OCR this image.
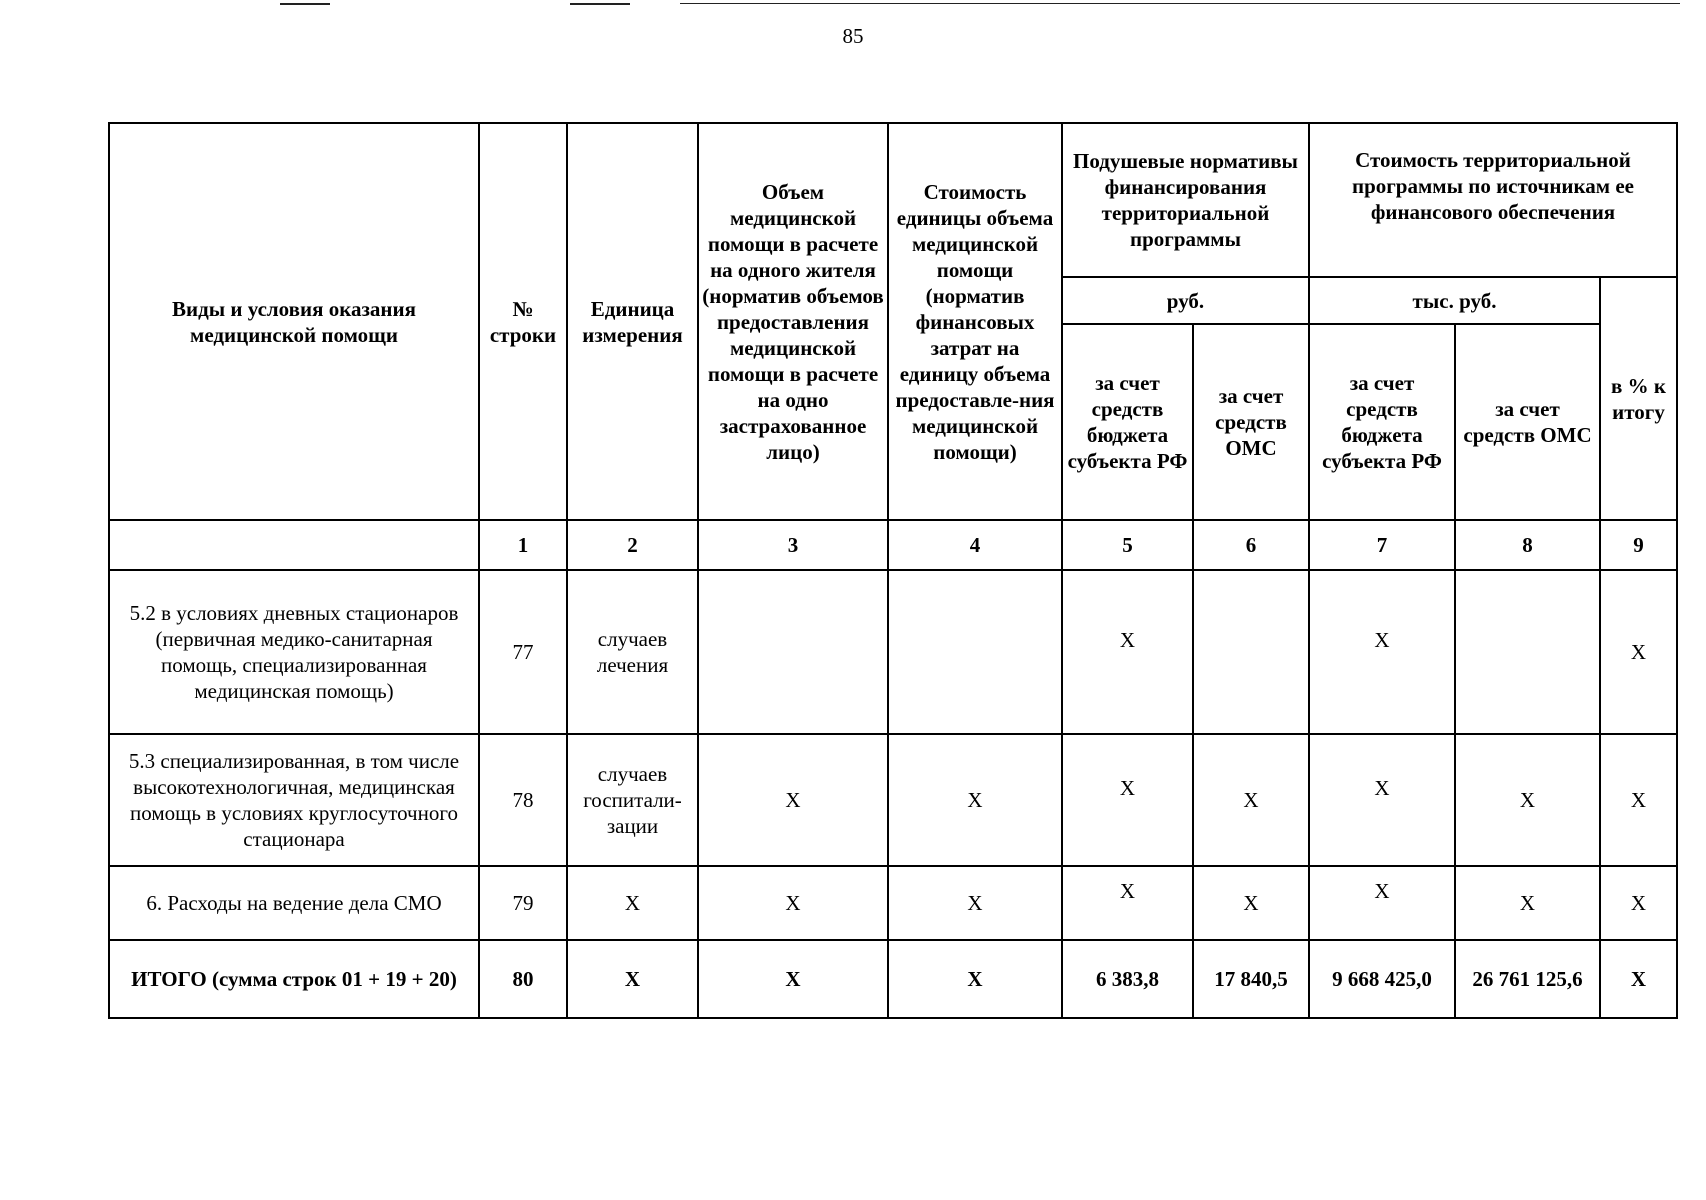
85
Виды и условия оказания медицинской помощи	№ строки	Единица измерения	Объем медицинской помощи в расчете на одного жителя (норматив объемов предоставления медицинской помощи в расчете на одно застрахованное лицо)	Стоимость единицы объема медицинской помощи (норматив финансовых затрат на единицу объема предоставле-ния медицинской помощи)	Подушевые нормативы финансирования территориальной программы		Стоимость территориальной программы по источникам ее финансового обеспечения		
					руб.		тыс. руб.		в % к итогу
					за счет средств бюджета субъекта РФ	за счет средств ОМС	за счет средств бюджета субъекта РФ	за счет средств ОМС	
	1	2	3	4	5	6	7	8	9
5.2 в условиях дневных стационаров (первичная медико-санитарная помощь, специализированная медицинская помощь)	77	случаев лечения			X		X		X
5.3 специализированная, в том числе высокотехнологичная, медицинская помощь в условиях круглосуточного стационара	78	случаев госпитали-зации	X	X	X	X	X	X	X
6. Расходы на ведение дела СМО	79	X	X	X	X	X	X	X	X
ИТОГО (сумма строк 01 + 19 + 20)	80	X	X	X	6 383,8	17 840,5	9 668 425,0	26 761 125,6	X
